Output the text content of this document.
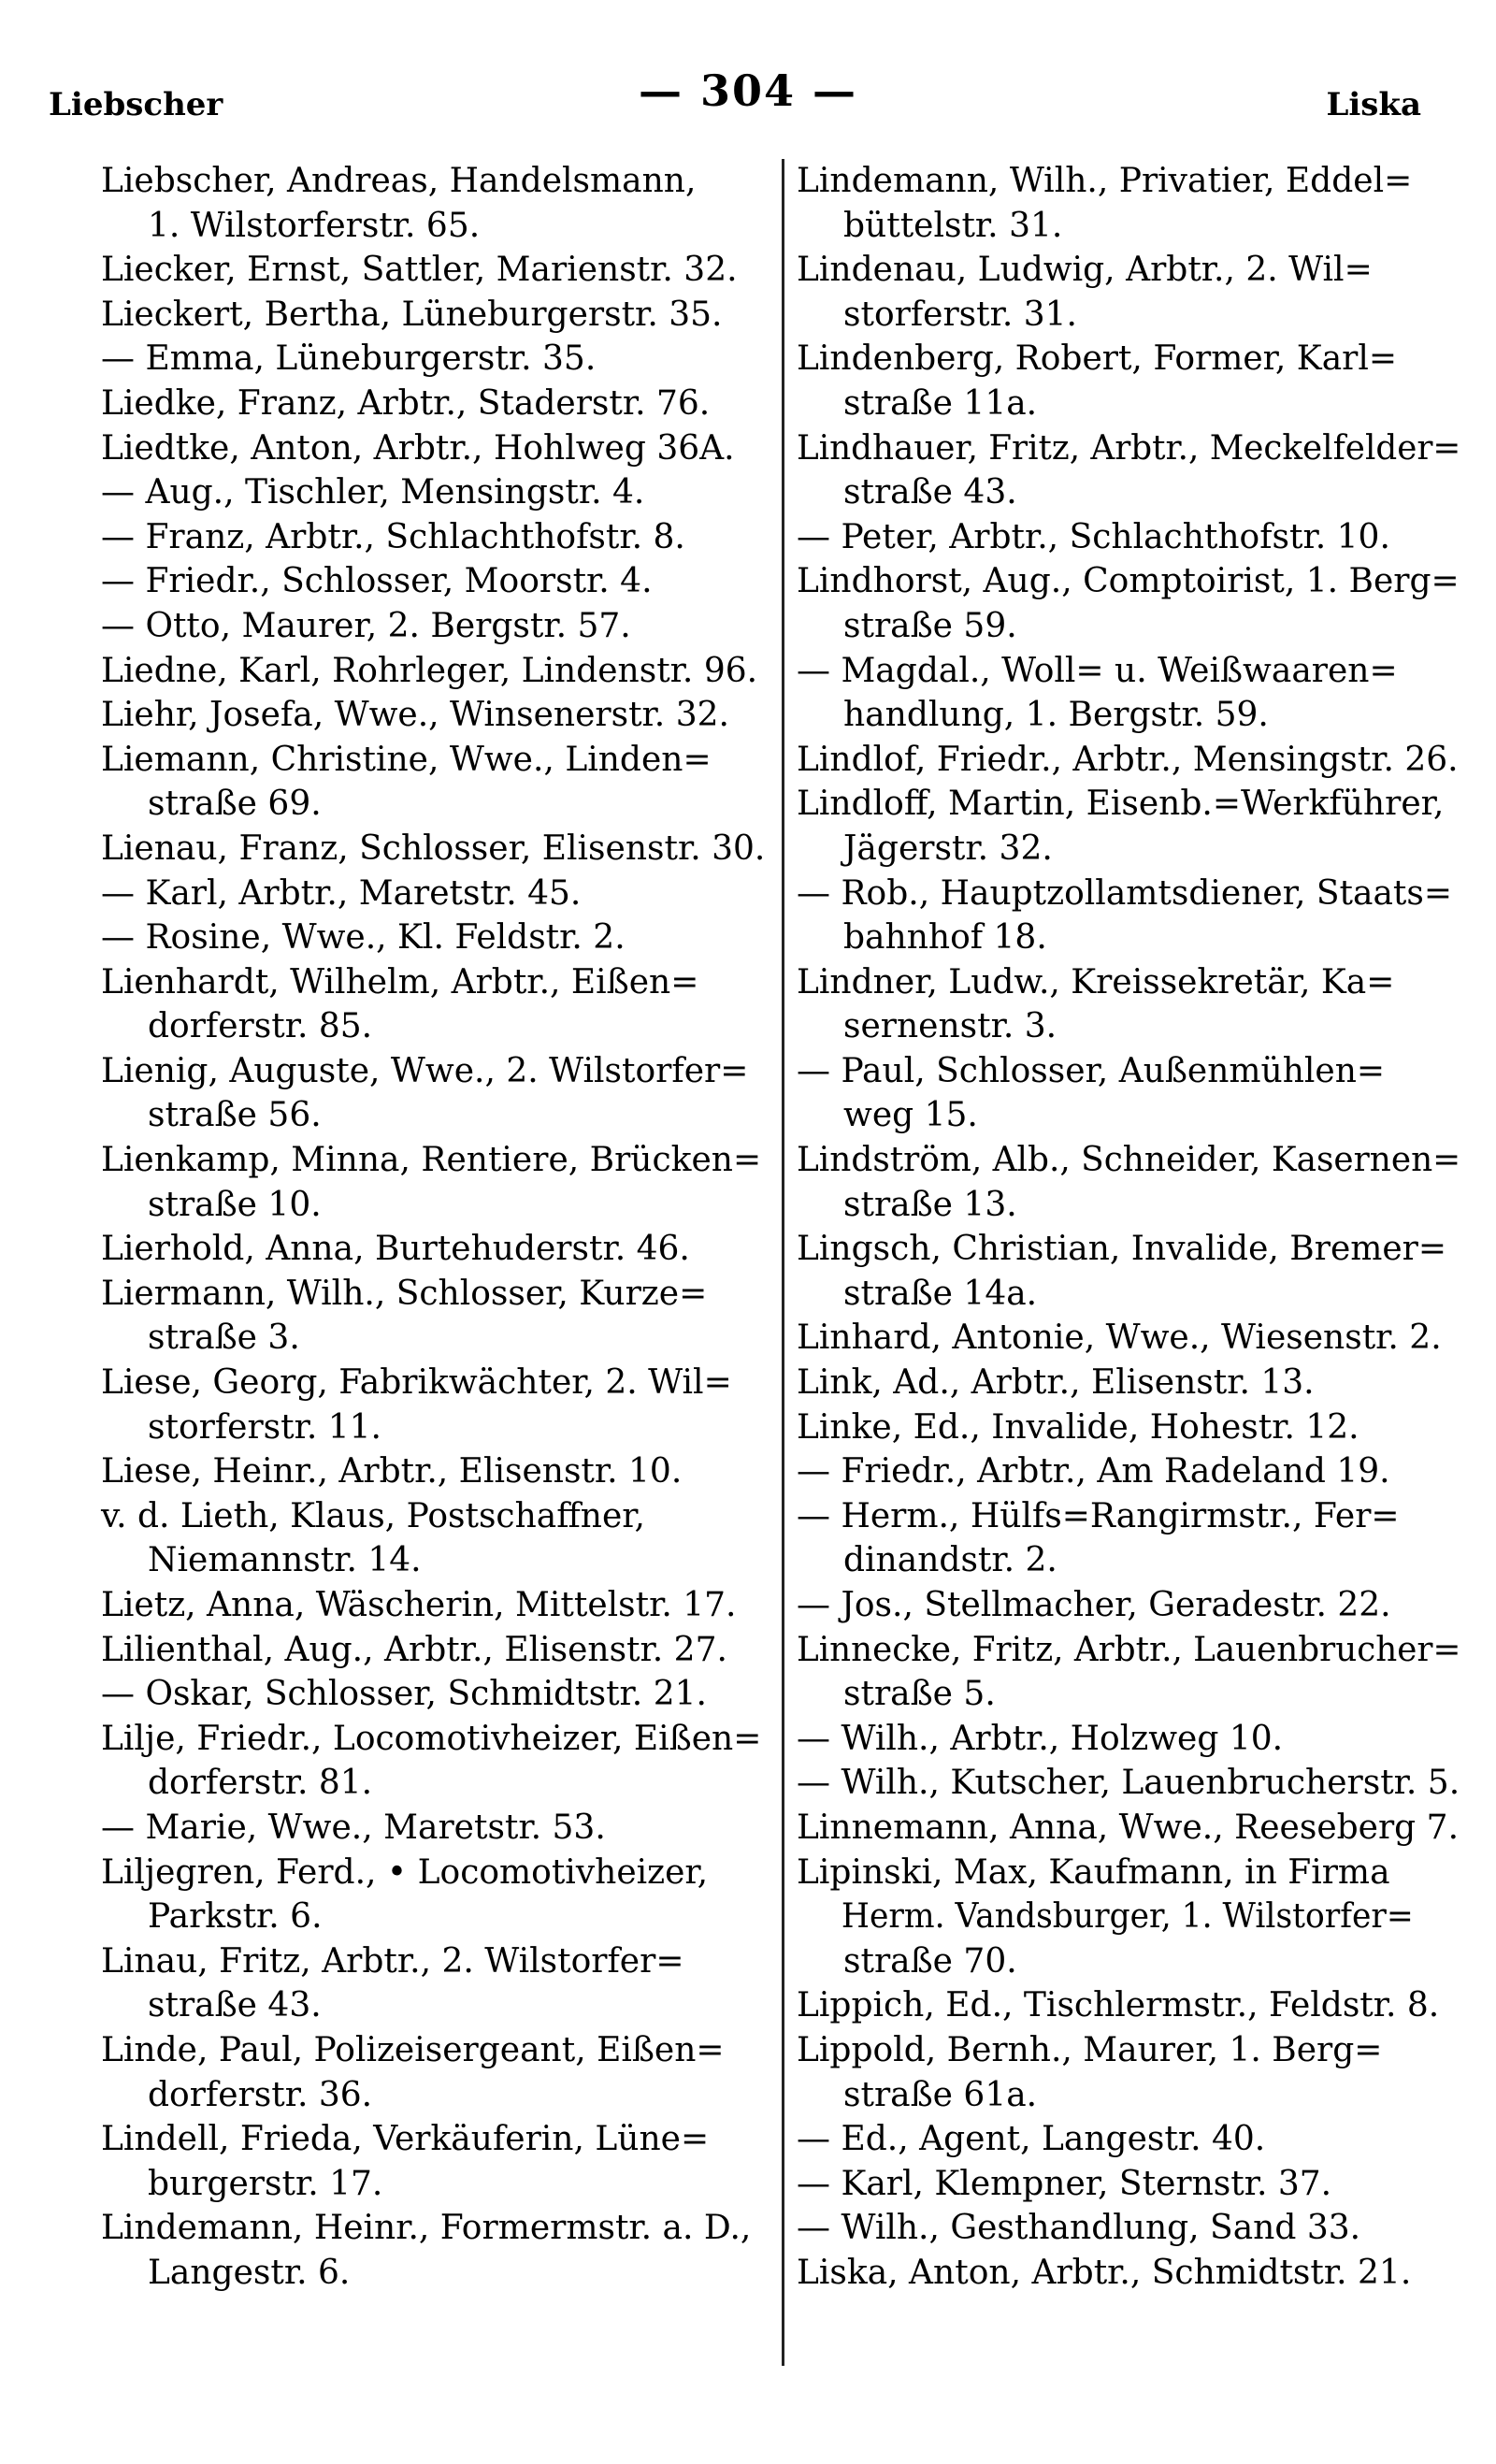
Liebscher	— 304 —	Liska
Liebscher, Andreas, Handelsmann,
1. Wilstorferstr. 65.
Liecker, Ernst, Sattler, Marienstr. 32.
Lieckert, Bertha, Lüneburgerstr. 35.
— Emma, Lüneburgerstr. 35.
Liedke, Franz, Arbtr., Staderstr. 76.
Liedtke, Anton, Arbtr., Hohlweg 36A.
— Aug., Tischler, Mensingstr. 4.
— Franz, Arbtr., Schlachthofstr. 8.
— Friedr., Schlosser, Moorstr. 4.
— Otto, Maurer, 2. Bergstr. 57.
Liedne, Karl, Rohrleger, Lindenstr. 96.
Liehr, Josefa, Wwe., Winsenerstr. 32.
Liemann, Christine, Wwe., Linden=
straße 69.
Lienau, Franz, Schlosser, Elisenstr. 30.
— Karl, Arbtr., Maretstr. 45.
— Rosine, Wwe., Kl. Feldstr. 2.
Lienhardt, Wilhelm, Arbtr., Eißen=
dorferstr. 85.
Lienig, Auguste, Wwe., 2. Wilstorfer=
straße 56.
Lienkamp, Minna, Rentiere, Brücken=
straße 10.
Lierhold, Anna, Burtehuderstr. 46.
Liermann, Wilh., Schlosser, Kurze=
straße 3.
Liese, Georg, Fabrikwächter, 2. Wil=
storferstr. 11.
Liese, Heinr., Arbtr., Elisenstr. 10.
v. d. Lieth, Klaus, Postschaffner,
Niemannstr. 14.
Lietz, Anna, Wäscherin, Mittelstr. 17.
Lilienthal, Aug., Arbtr., Elisenstr. 27.
— Oskar, Schlosser, Schmidtstr. 21.
Lilje, Friedr., Locomotivheizer, Eißen=
dorferstr. 81.
— Marie, Wwe., Maretstr. 53.
Liljegren, Ferd., • Locomotivheizer,
Parkstr. 6.
Linau, Fritz, Arbtr., 2. Wilstorfer=
straße 43.
Linde, Paul, Polizeisergeant, Eißen=
dorferstr. 36.
Lindell, Frieda, Verkäuferin, Lüne=
burgerstr. 17.
Lindemann, Heinr., Formermstr. a. D.,
Langestr. 6.
Lindemann, Wilh., Privatier, Eddel=
büttelstr. 31.
Lindenau, Ludwig, Arbtr., 2. Wil=
storferstr. 31.
Lindenberg, Robert, Former, Karl=
straße 11a.
Lindhauer, Fritz, Arbtr., Meckelfelder=
straße 43.
— Peter, Arbtr., Schlachthofstr. 10.
Lindhorst, Aug., Comptoirist, 1. Berg=
straße 59.
— Magdal., Woll= u. Weißwaaren=
handlung, 1. Bergstr. 59.
Lindlof, Friedr., Arbtr., Mensingstr. 26.
Lindloff, Martin, Eisenb.=Werkführer,
Jägerstr. 32.
— Rob., Hauptzollamtsdiener, Staats=
bahnhof 18.
Lindner, Ludw., Kreissekretär, Ka=
sernenstr. 3.
— Paul, Schlosser, Außenmühlen=
weg 15.
Lindström, Alb., Schneider, Kasernen=
straße 13.
Lingsch, Christian, Invalide, Bremer=
straße 14a.
Linhard, Antonie, Wwe., Wiesenstr. 2.
Link, Ad., Arbtr., Elisenstr. 13.
Linke, Ed., Invalide, Hohestr. 12.
— Friedr., Arbtr., Am Radeland 19.
— Herm., Hülfs=Rangirmstr., Fer=
dinandstr. 2.
— Jos., Stellmacher, Geradestr. 22.
Linnecke, Fritz, Arbtr., Lauenbrucher=
straße 5.
— Wilh., Arbtr., Holzweg 10.
— Wilh., Kutscher, Lauenbrucherstr. 5.
Linnemann, Anna, Wwe., Reeseberg 7.
Lipinski, Max, Kaufmann, in Firma
Herm. Vandsburger, 1. Wilstorfer=
straße 70.
Lippich, Ed., Tischlermstr., Feldstr. 8.
Lippold, Bernh., Maurer, 1. Berg=
straße 61a.
— Ed., Agent, Langestr. 40.
— Karl, Klempner, Sternstr. 37.
— Wilh., Gesthandlung, Sand 33.
Liska, Anton, Arbtr., Schmidtstr. 21.
